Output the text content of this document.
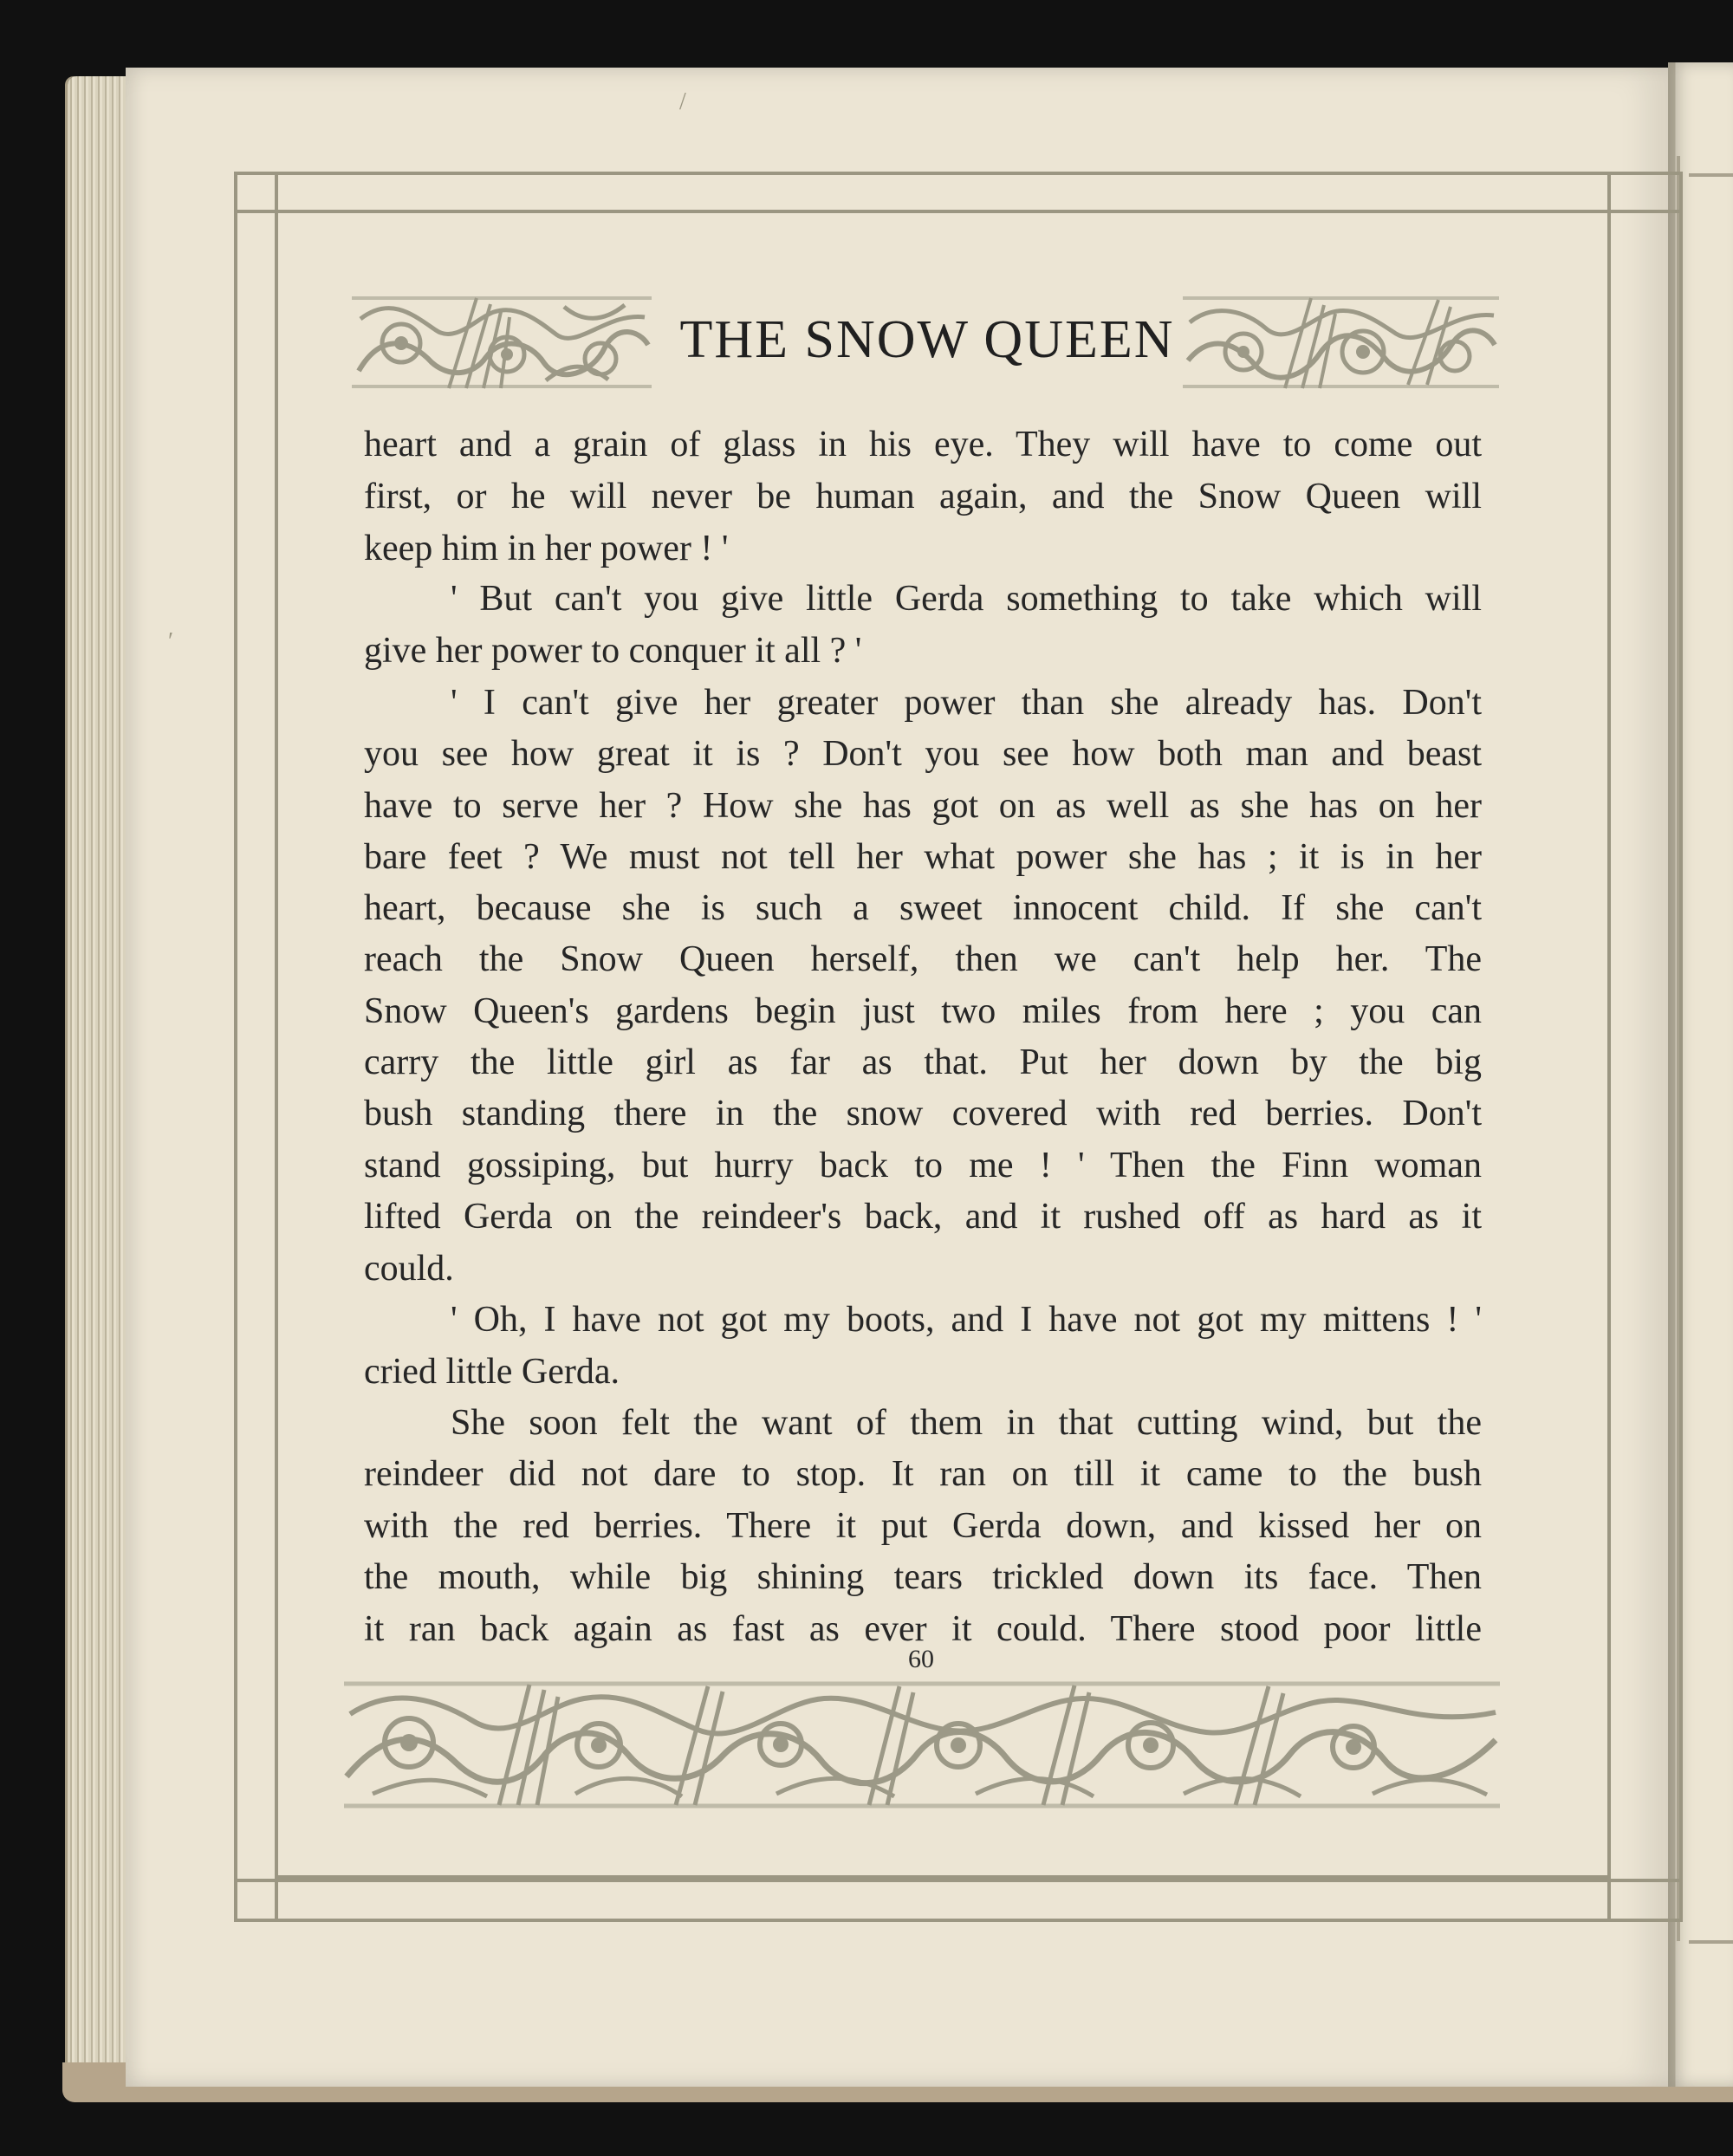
THE SNOW QUEEN
heart and a grain of glass in his eye. They will have to come out
first, or he will never be human again, and the Snow Queen will
keep him in her power ! '
' But can't you give little Gerda something to take which will
give her power to conquer it all ? '
' I can't give her greater power than she already has. Don't
you see how great it is ? Don't you see how both man and beast
have to serve her ? How she has got on as well as she has on her
bare feet ? We must not tell her what power she has ; it is in her
heart, because she is such a sweet innocent child. If she can't
reach the Snow Queen herself, then we can't help her. The
Snow Queen's gardens begin just two miles from here ; you can
carry the little girl as far as that. Put her down by the big
bush standing there in the snow covered with red berries. Don't
stand gossiping, but hurry back to me ! ' Then the Finn woman
lifted Gerda on the reindeer's back, and it rushed off as hard as it
could.
' Oh, I have not got my boots, and I have not got my mittens ! '
cried little Gerda.
She soon felt the want of them in that cutting wind, but the
reindeer did not dare to stop. It ran on till it came to the bush
with the red berries. There it put Gerda down, and kissed her on
the mouth, while big shining tears trickled down its face. Then
it ran back again as fast as ever it could. There stood poor little
60
/
′
